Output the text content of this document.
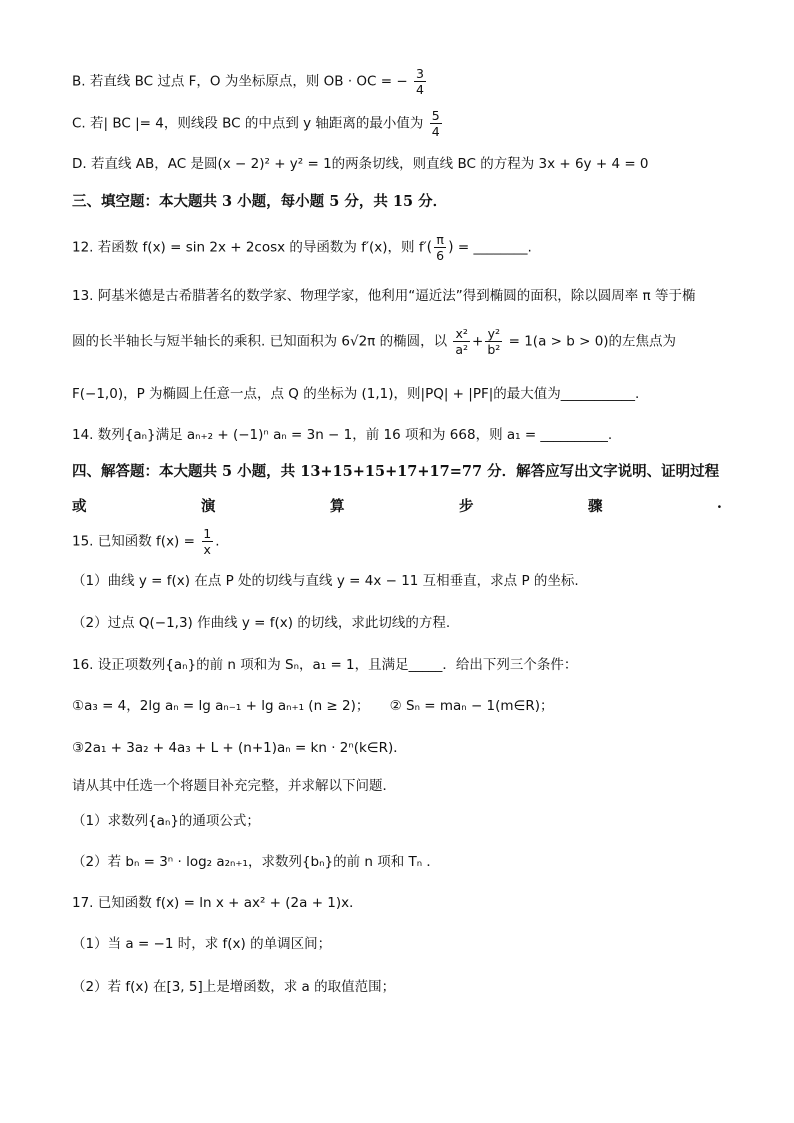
B. 若直线 BC 过点 F，O 为坐标原点，则 OB · OC = − $\frac{3}{4}$
C. 若| BC |= 4，则线段 BC 的中点到 y 轴距离的最小值为 $\frac{5}{4}$
D. 若直线 AB，AC 是圆(x − 2)² + y² = 1的两条切线，则直线 BC 的方程为 3x + 6y + 4 = 0
三、填空题：本大题共 3 小题，每小题 5 分，共 15 分．
12. 若函数 f(x) = sin 2x + 2cosx 的导函数为 f′(x)，则 $f'( \frac{\pi}{6}$ ) = ________.
13. 阿基米德是古希腊著名的数学家、物理学家，他利用“逼近法”得到椭圆的面积，除以圆周率 π 等于椭
圆的长半轴长与短半轴长的乘积. 已知面积为 6√2π 的椭圆，以 $\frac{\text{x²}}{\text{a²}} + \frac{\text{y²}}{\text{b²}} = 1(a > b > 0)$的左焦点为
F(−1,0)，P 为椭圆上任意一点，点 Q 的坐标为 (1,1)，则|PQ| + |PF|的最大值为___________.
14. 数列{aₙ}满足 aₙ₊₂ + (−1)ⁿ aₙ = 3n − 1，前 16 项和为 668，则 a₁ = __________.
四、解答题：本大题共 5 小题，共 13+15+15+17+17=77 分．解答应写出文字说明、证明过程
或	演	算	步	骤	.
15. 已知函数 $f(x) = \frac{1}{x}$ .
（1）曲线 y = f(x) 在点 P 处的切线与直线 y = 4x − 11 互相垂直，求点 P 的坐标.
（2）过点 Q(−1,3) 作曲线 y = f(x) 的切线，求此切线的方程.
16. 设正项数列{aₙ}的前 n 项和为 Sₙ，a₁ = 1，且满足_____．给出下列三个条件：
①a₃ = 4，2lg aₙ = lg aₙ₋₁ + lg aₙ₊₁ (n ≥ 2)；　　② Sₙ = maₙ − 1(m∈R)；
③2a₁ + 3a₂ + 4a₃ + L + (n+1)aₙ = kn · 2ⁿ(k∈R)．
请从其中任选一个将题目补充完整，并求解以下问题．
（1）求数列{aₙ}的通项公式；
（2）若 bₙ = 3ⁿ · log₂ a₂ₙ₊₁，求数列{bₙ}的前 n 项和 Tₙ ．
17. 已知函数 f(x) = ln x + ax² + (2a + 1)x．
（1）当 a = −1 时，求 f(x) 的单调区间；
（2）若 f(x) 在[3, 5]上是增函数，求 a 的取值范围；
